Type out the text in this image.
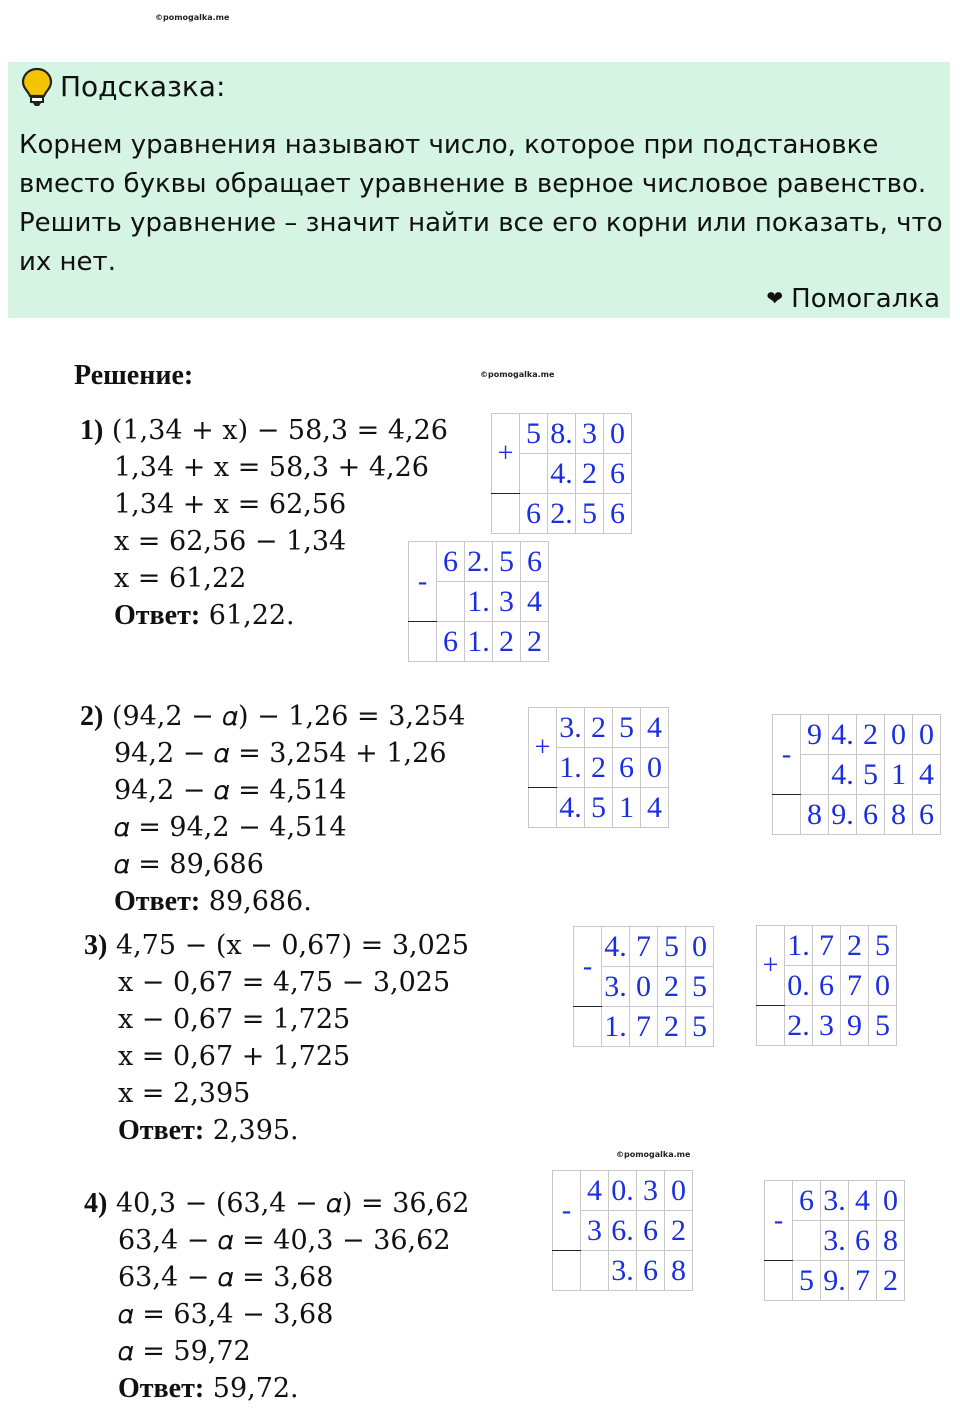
©pomogalka.me
©pomogalka.me
©pomogalka.me
Подсказка:
Корнем уравнения называют число, которое при подстановке вместо буквы обращает уравнение в верное числовое равенство. Решить уравнение – значит найти все его корни или показать, что их нет.
❤ Помогалка
Решение:
1) (1,34 + x) − 58,3 = 4,26
1,34 + x = 58,3 + 4,26
1,34 + x = 62,56
x = 62,56 − 1,34
x = 61,22
Ответ: 61,22.
2) (94,2 − 𝛼) − 1,26 = 3,254
94,2 − 𝛼 = 3,254 + 1,26
94,2 − 𝛼 = 4,514
𝛼 = 94,2 − 4,514
𝛼 = 89,686
Ответ: 89,686.
3) 4,75 − (x − 0,67) = 3,025
x − 0,67 = 4,75 − 3,025
x − 0,67 = 1,725
x = 0,67 + 1,725
x = 2,395
Ответ: 2,395.
4) 40,3 − (63,4 − 𝛼) = 36,62
63,4 − 𝛼 = 40,3 − 36,62
63,4 − 𝛼 = 3,68
𝛼 = 63,4 − 3,68
𝛼 = 59,72
Ответ: 59,72.
+	5	8.	3	0
		4.	2	6
	6	2.	5	6
-	6	2.	5	6
		1.	3	4
	6	1.	2	2
+	3.	2	5	4
	1.	2	6	0
	4.	5	1	4
-	9	4.	2	0	0
		4.	5	1	4
	8	9.	6	8	6
-	4.	7	5	0
	3.	0	2	5
	1.	7	2	5
+	1.	7	2	5
	0.	6	7	0
	2.	3	9	5
-	4	0.	3	0
	3	6.	6	2
		3.	6	8
-	6	3.	4	0
		3.	6	8
	5	9.	7	2
